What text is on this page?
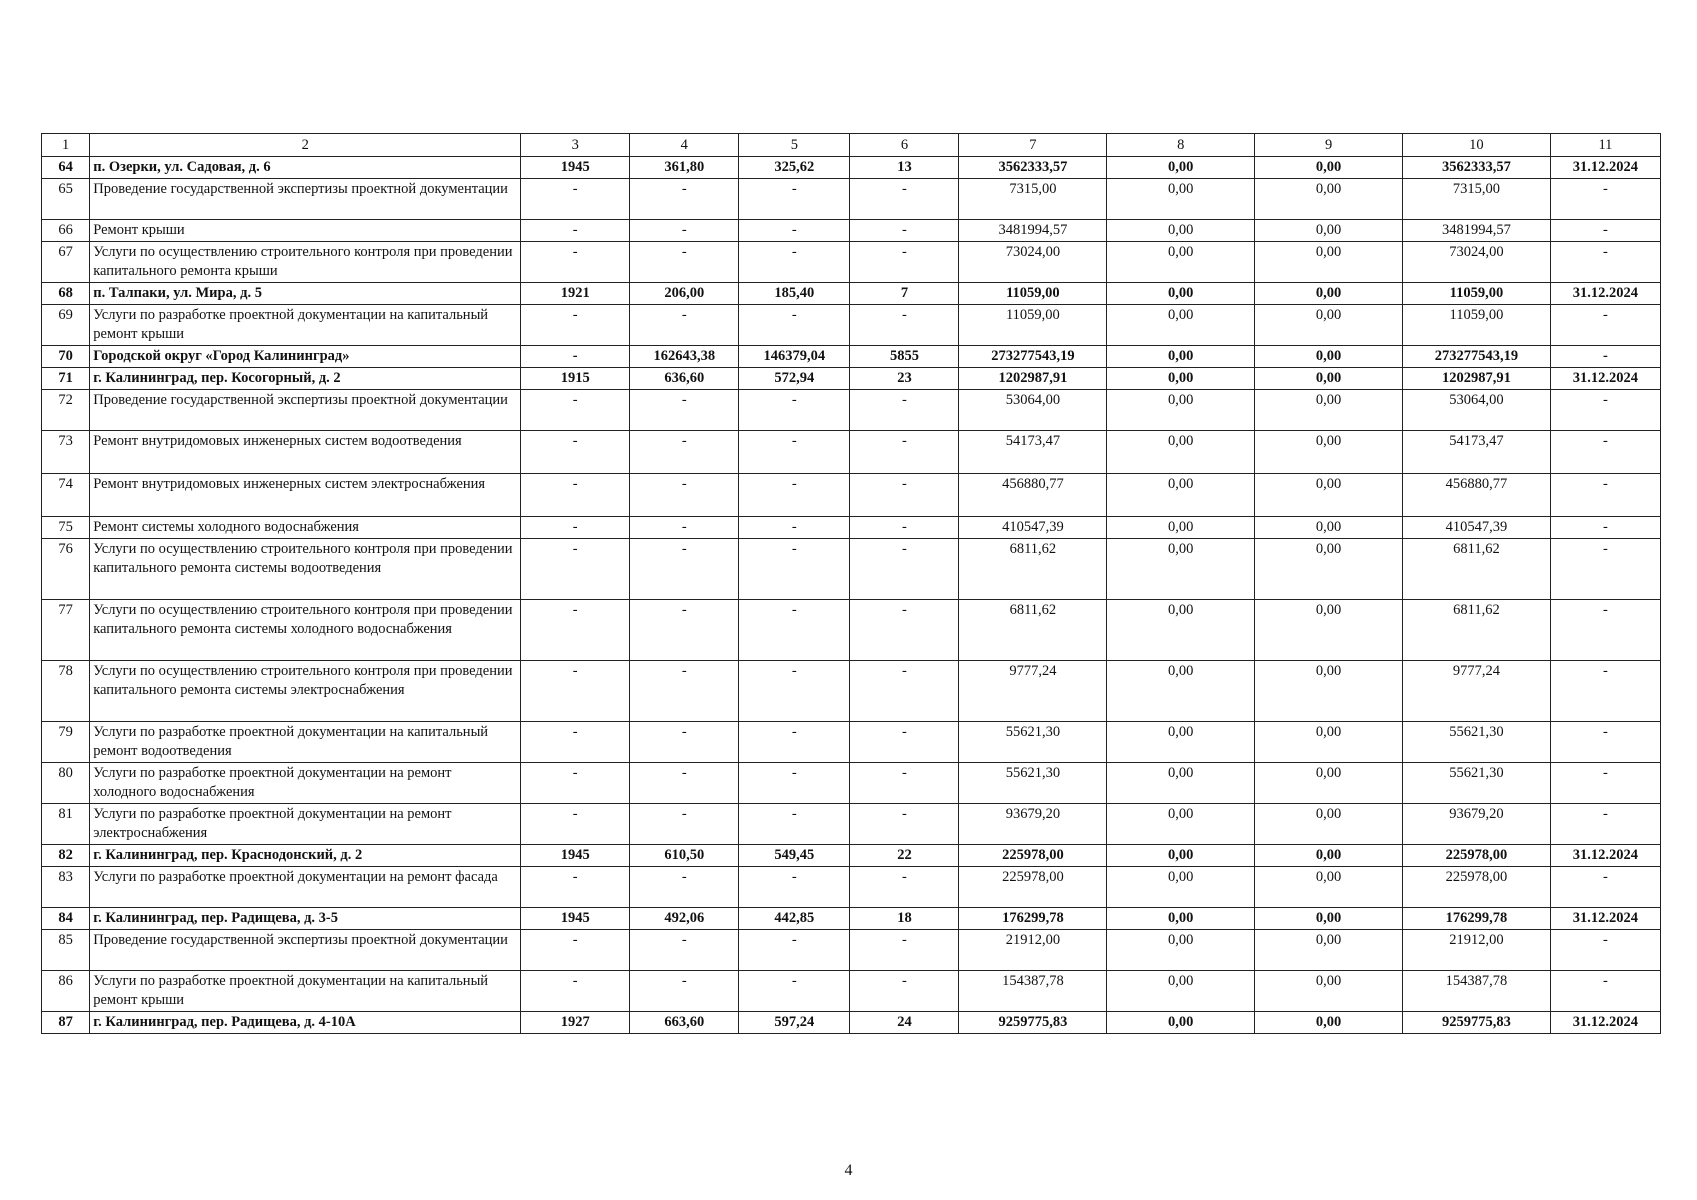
1	2	3	4	5	6	7	8	9	10	11
64	п. Озерки, ул. Садовая, д. 6	1945	361,80	325,62	13	3562333,57	0,00	0,00	3562333,57	31.12.2024
65	Проведение государственной экспертизы проектной документации	-	-	-	-	7315,00	0,00	0,00	7315,00	-
66	Ремонт крыши	-	-	-	-	3481994,57	0,00	0,00	3481994,57	-
67	Услуги по осуществлению строительного контроля при проведении капитального ремонта крыши	-	-	-	-	73024,00	0,00	0,00	73024,00	-
68	п. Талпаки, ул. Мира, д. 5	1921	206,00	185,40	7	11059,00	0,00	0,00	11059,00	31.12.2024
69	Услуги по разработке проектной документации на капитальный ремонт крыши	-	-	-	-	11059,00	0,00	0,00	11059,00	-
70	Городской округ «Город Калининград»	-	162643,38	146379,04	5855	273277543,19	0,00	0,00	273277543,19	-
71	г. Калининград, пер. Косогорный, д. 2	1915	636,60	572,94	23	1202987,91	0,00	0,00	1202987,91	31.12.2024
72	Проведение государственной экспертизы проектной документации	-	-	-	-	53064,00	0,00	0,00	53064,00	-
73	Ремонт внутридомовых инженерных систем водоотведения	-	-	-	-	54173,47	0,00	0,00	54173,47	-
74	Ремонт внутридомовых инженерных систем электроснабжения	-	-	-	-	456880,77	0,00	0,00	456880,77	-
75	Ремонт системы холодного водоснабжения	-	-	-	-	410547,39	0,00	0,00	410547,39	-
76	Услуги по осуществлению строительного контроля при проведении капитального ремонта системы водоотведения	-	-	-	-	6811,62	0,00	0,00	6811,62	-
77	Услуги по осуществлению строительного контроля при проведении капитального ремонта системы холодного водоснабжения	-	-	-	-	6811,62	0,00	0,00	6811,62	-
78	Услуги по осуществлению строительного контроля при проведении капитального ремонта системы электроснабжения	-	-	-	-	9777,24	0,00	0,00	9777,24	-
79	Услуги по разработке проектной документации на капитальный ремонт водоотведения	-	-	-	-	55621,30	0,00	0,00	55621,30	-
80	Услуги по разработке проектной документации на ремонт холодного водоснабжения	-	-	-	-	55621,30	0,00	0,00	55621,30	-
81	Услуги по разработке проектной документации на ремонт электроснабжения	-	-	-	-	93679,20	0,00	0,00	93679,20	-
82	г. Калининград, пер. Краснодонский, д. 2	1945	610,50	549,45	22	225978,00	0,00	0,00	225978,00	31.12.2024
83	Услуги по разработке проектной документации на ремонт фасада	-	-	-	-	225978,00	0,00	0,00	225978,00	-
84	г. Калининград, пер. Радищева, д. 3-5	1945	492,06	442,85	18	176299,78	0,00	0,00	176299,78	31.12.2024
85	Проведение государственной экспертизы проектной документации	-	-	-	-	21912,00	0,00	0,00	21912,00	-
86	Услуги по разработке проектной документации на капитальный ремонт крыши	-	-	-	-	154387,78	0,00	0,00	154387,78	-
87	г. Калининград, пер. Радищева, д. 4-10А	1927	663,60	597,24	24	9259775,83	0,00	0,00	9259775,83	31.12.2024
4
